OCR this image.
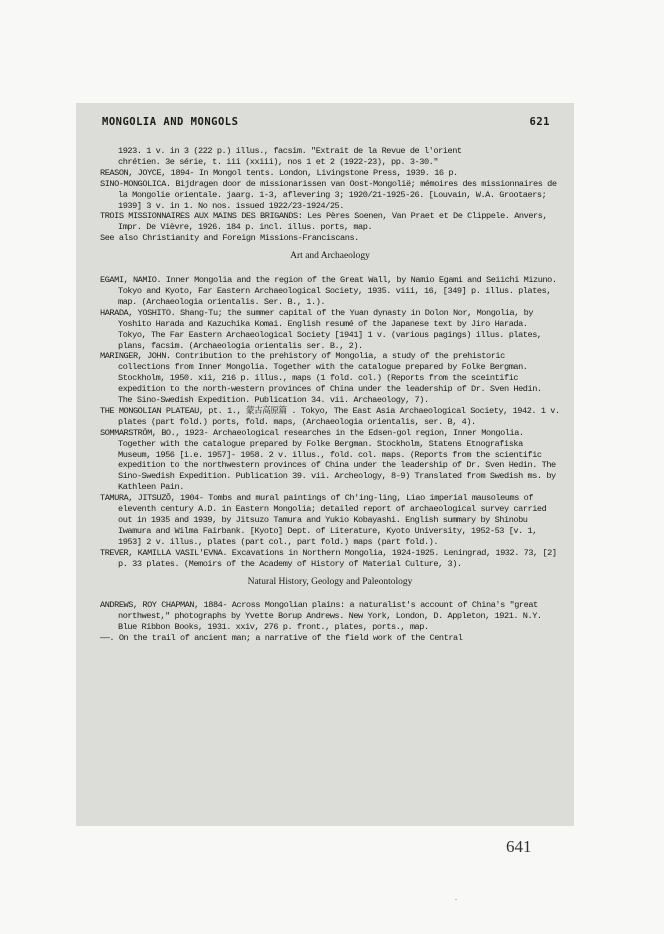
MONGOLIA AND MONGOLS	621

1923. 1 v. in 3 (222 p.) illus., facsim. "Extrait de la Revue de l'orient

chrétien. 3e série, t. iii (xxiii), nos 1 et 2 (1922-23), pp. 3-30."

REASON, JOYCE, 1894- In Mongol tents. London, Livingstone Press, 1939. 16 p.

SINO-MONGOLICA. Bijdragen door de missionarissen van Oost-Mongolië; mémoires des missionnaires de la Mongolie orientale. jaarg. 1-3, aflevering 3; 1920/21-1925-26. [Louvain, W.A. Grootaers; 1939] 3 v. in 1. No nos. issued 1922/23-1924/25.

TROIS MISSIONNAIRES AUX MAINS DES BRIGANDS: Les Pères Soenen, Van Praet et De Clippele. Anvers, Impr. De Vièvre, 1926. 184 p. incl. illus. ports, map.

See also Christianity and Foreign Missions-Franciscans.

Art and Archaeology

EGAMI, NAMIO. Inner Mongolia and the region of the Great Wall, by Namio Egami and Seiichi Mizuno. Tokyo and Kyoto, Far Eastern Archaeological Society, 1935. viii, 16, [349] p. illus. plates, map. (Archaeologia orientalis. Ser. B., 1.).

HARADA, YOSHITO. Shang-Tu; the summer capital of the Yuan dynasty in Dolon Nor, Mongolia, by Yoshito Harada and Kazuchika Komai. English resumé of the Japanese text by Jiro Harada. Tokyo, The Far Eastern Archaeological Society [1941] 1 v. (various pagings) illus. plates, plans, facsim. (Archaeologia orientalis ser. B., 2).

MARINGER, JOHN. Contribution to the prehistory of Mongolia, a study of the prehistoric collections from Inner Mongolia. Together with the catalogue prepared by Folke Bergman. Stockholm, 1950. xii, 216 p. illus., maps (1 fold. col.) (Reports from the sceintific expedition to the north-western provinces of China under the leadership of Dr. Sven Hedin. The Sino-Swedish Expedition. Publication 34. vii. Archaeology, 7).

THE MONGOLIAN PLATEAU, pt. 1., 蒙古高原篇 . Tokyo, The East Asia Archaeological Society, 1942. 1 v. plates (part fold.) ports, fold. maps, (Archaeologia orientalis, ser. B, 4).

SOMMARSTRÖM, BO., 1923- Archaeological researches in the Edsen-gol region, Inner Mongolia. Together with the catalogue prepared by Folke Bergman. Stockholm, Statens Etnografiska Museum, 1956 [i.e. 1957]- 1958. 2 v. illus., fold. col. maps. (Reports from the scientific expedition to the northwestern provinces of China under the leadership of Dr. Sven Hedin. The Sino-Swedish Expedition. Publication 39. vii. Archeology, 8-9) Translated from Swedish ms. by Kathleen Pain.

TAMURA, JITSUZÔ, 1904- Tombs and mural paintings of Ch'ing-ling, Liao imperial mausoleums of eleventh century A.D. in Eastern Mongolia; detailed report of archaeological survey carried out in 1935 and 1939, by Jitsuzo Tamura and Yukio Kobayashi. English summary by Shinobu Iwamura and Wilma Fairbank. [Kyoto] Dept. of Literature, Kyoto University, 1952-53 [v. 1, 1953] 2 v. illus., plates (part col., part fold.) maps (part fold.).

TREVER, KAMILLA VASIL'EVNA. Excavations in Northern Mongolia, 1924-1925. Leningrad, 1932. 73, [2] p. 33 plates. (Memoirs of the Academy of History of Material Culture, 3).

Natural History, Geology and Paleontology

ANDREWS, ROY CHAPMAN, 1884- Across Mongolian plains: a naturalist's account of China's "great northwest," photographs by Yvette Borup Andrews. New York, London, D. Appleton, 1921. N.Y. Blue Ribbon Books, 1931. xxiv, 276 p. front., plates, ports., map.

——. On the trail of ancient man; a narrative of the field work of the Central

641
